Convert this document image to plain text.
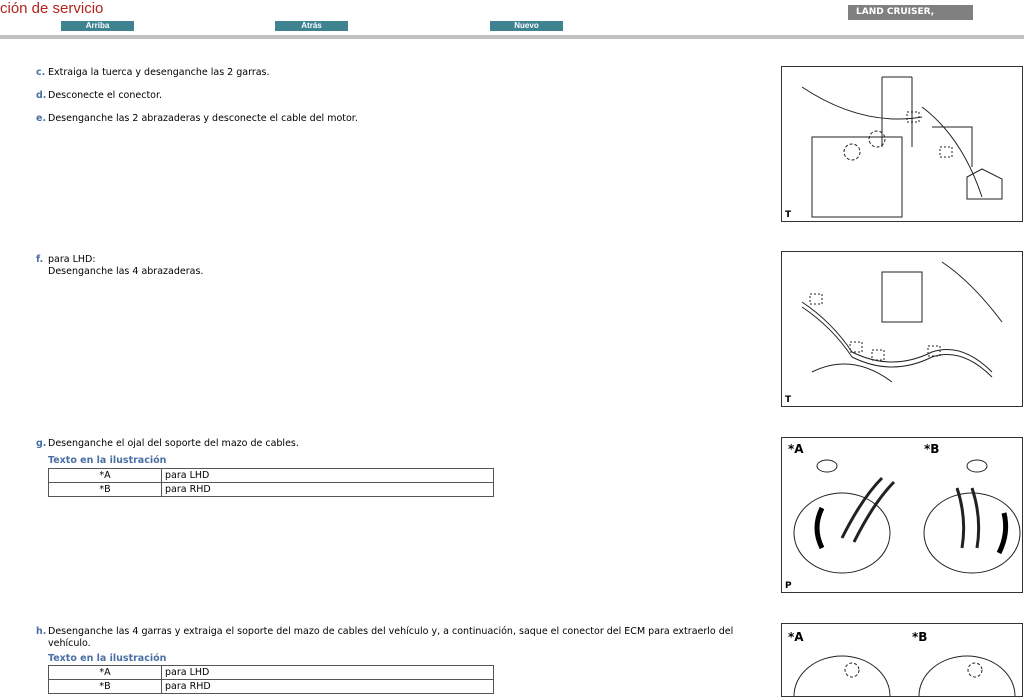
ción de servicio
Arriba	Atrás	Nuevo
LAND CRUISER,
c. Extraiga la tuerca y desenganche las 2 garras.
d. Desconecte el conector.
e. Desenganche las 2 abrazaderas y desconecte el cable del motor.
f. para LHD:
Desenganche las 4 abrazaderas.
g. Desenganche el ojal del soporte del mazo de cables.
Texto en la ilustración
*A	para LHD
*B	para RHD
h. Desenganche las 4 garras y extraiga el soporte del mazo de cables del vehículo y, a continuación, saque el conector del ECM para extraerlo del vehículo.
Texto en la ilustración
*A	para LHD
*B	para RHD
T
T
*A	*B
P
*A	*B
